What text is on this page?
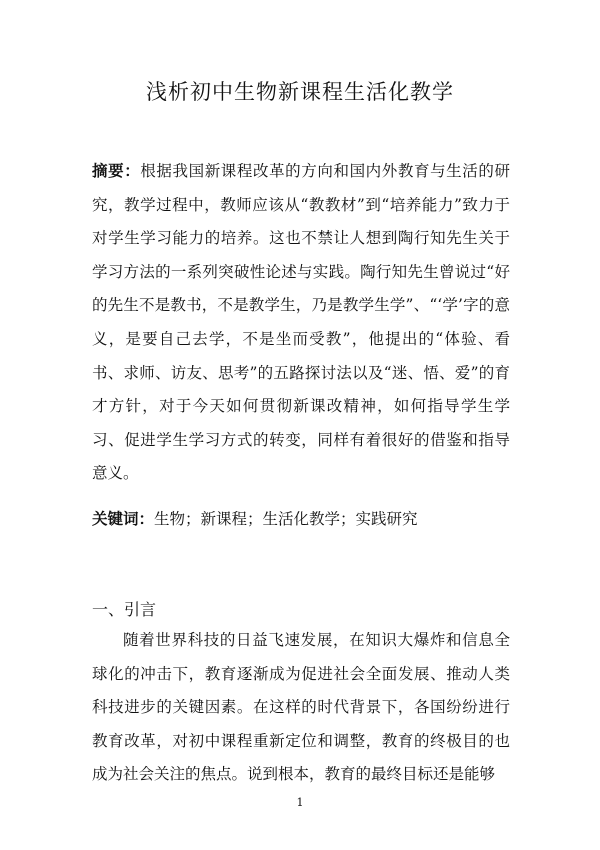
浅析初中生物新课程生活化教学

摘要：根据我国新课程改革的方向和国内外教育与生活的研究，教学过程中，教师应该从“教教材”到“培养能力”致力于对学生学习能力的培养。这也不禁让人想到陶行知先生关于学习方法的一系列突破性论述与实践。陶行知先生曾说过“好的先生不是教书，不是教学生，乃是教学生学”、“‘学’字的意义，是要自己去学，不是坐而受教”，他提出的“体验、看书、求师、访友、思考”的五路探讨法以及“迷、悟、爱”的育才方针，对于今天如何贯彻新课改精神，如何指导学生学习、促进学生学习方式的转变，同样有着很好的借鉴和指导意义。

关键词：生物；新课程；生活化教学；实践研究

一、引言

随着世界科技的日益飞速发展，在知识大爆炸和信息全球化的冲击下，教育逐渐成为促进社会全面发展、推动人类科技进步的关键因素。在这样的时代背景下，各国纷纷进行教育改革，对初中课程重新定位和调整，教育的终极目的也成为社会关注的焦点。说到根本，教育的最终目标还是能够

1
